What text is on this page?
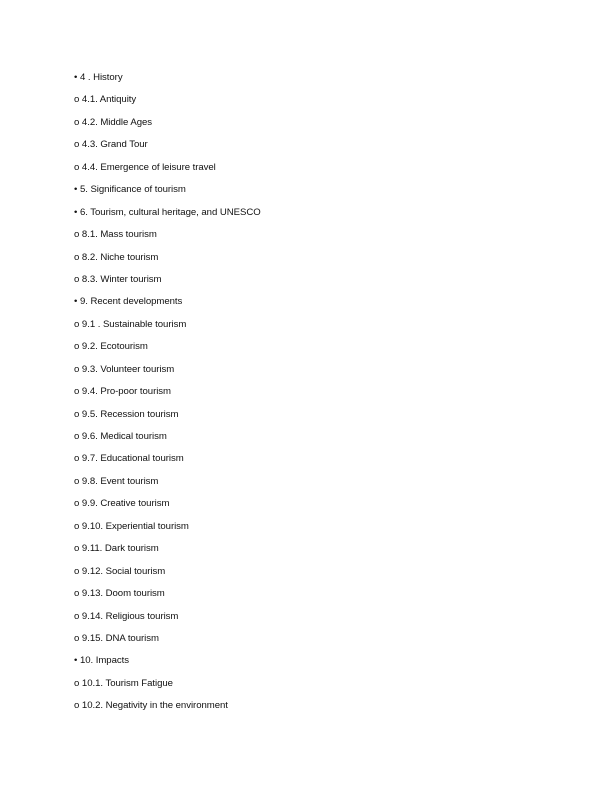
• 4 . History
o 4.1. Antiquity
o 4.2. Middle Ages
o 4.3. Grand Tour
o 4.4. Emergence of leisure travel
• 5. Significance of tourism
• 6. Tourism, cultural heritage, and UNESCO
o 8.1. Mass tourism
o 8.2. Niche tourism
o 8.3. Winter tourism
• 9. Recent developments
o 9.1 . Sustainable tourism
o 9.2. Ecotourism
o 9.3. Volunteer tourism
o 9.4. Pro-poor tourism
o 9.5. Recession tourism
o 9.6. Medical tourism
o 9.7. Educational tourism
o 9.8. Event tourism
o 9.9. Creative tourism
o 9.10. Experiential tourism
o 9.11. Dark tourism
o 9.12. Social tourism
o 9.13. Doom tourism
o 9.14. Religious tourism
o 9.15. DNA tourism
• 10. Impacts
o 10.1. Tourism Fatigue
o 10.2. Negativity in the environment
